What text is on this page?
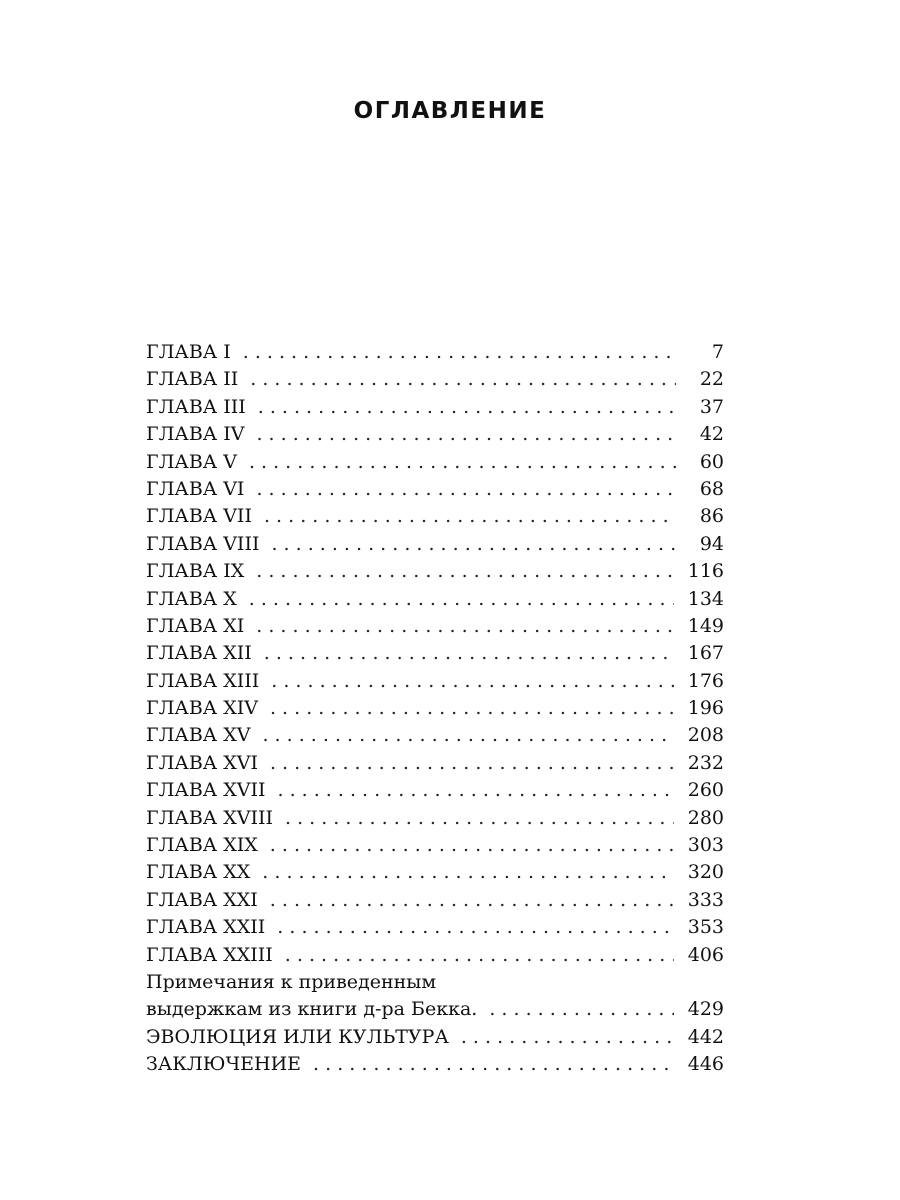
ОГЛАВЛЕНИЕ
ГЛАВА I . . .	7
ГЛАВА II . . .	22
ГЛАВА III . . .	37
ГЛАВА IV . . .	42
ГЛАВА V . . .	60
ГЛАВА VI . . .	68
ГЛАВА VII . . .	86
ГЛАВА VIII . . .	94
ГЛАВА IX . . .	116
ГЛАВА X . . .	134
ГЛАВА XI . . .	149
ГЛАВА XII . . .	167
ГЛАВА XIII . . .	176
ГЛАВА XIV . . .	196
ГЛАВА XV . . .	208
ГЛАВА XVI . . .	232
ГЛАВА XVII . . .	260
ГЛАВА XVIII . . .	280
ГЛАВА XIX . . .	303
ГЛАВА XX . . .	320
ГЛАВА XXI . . .	333
ГЛАВА XXII . . .	353
ГЛАВА XXIII . . .	406
Примечания к приведенным
выдержкам из книги д-ра Бекка. . . .	429
ЭВОЛЮЦИЯ ИЛИ КУЛЬТУРА . . .	442
ЗАКЛЮЧЕНИЕ . . .	446
